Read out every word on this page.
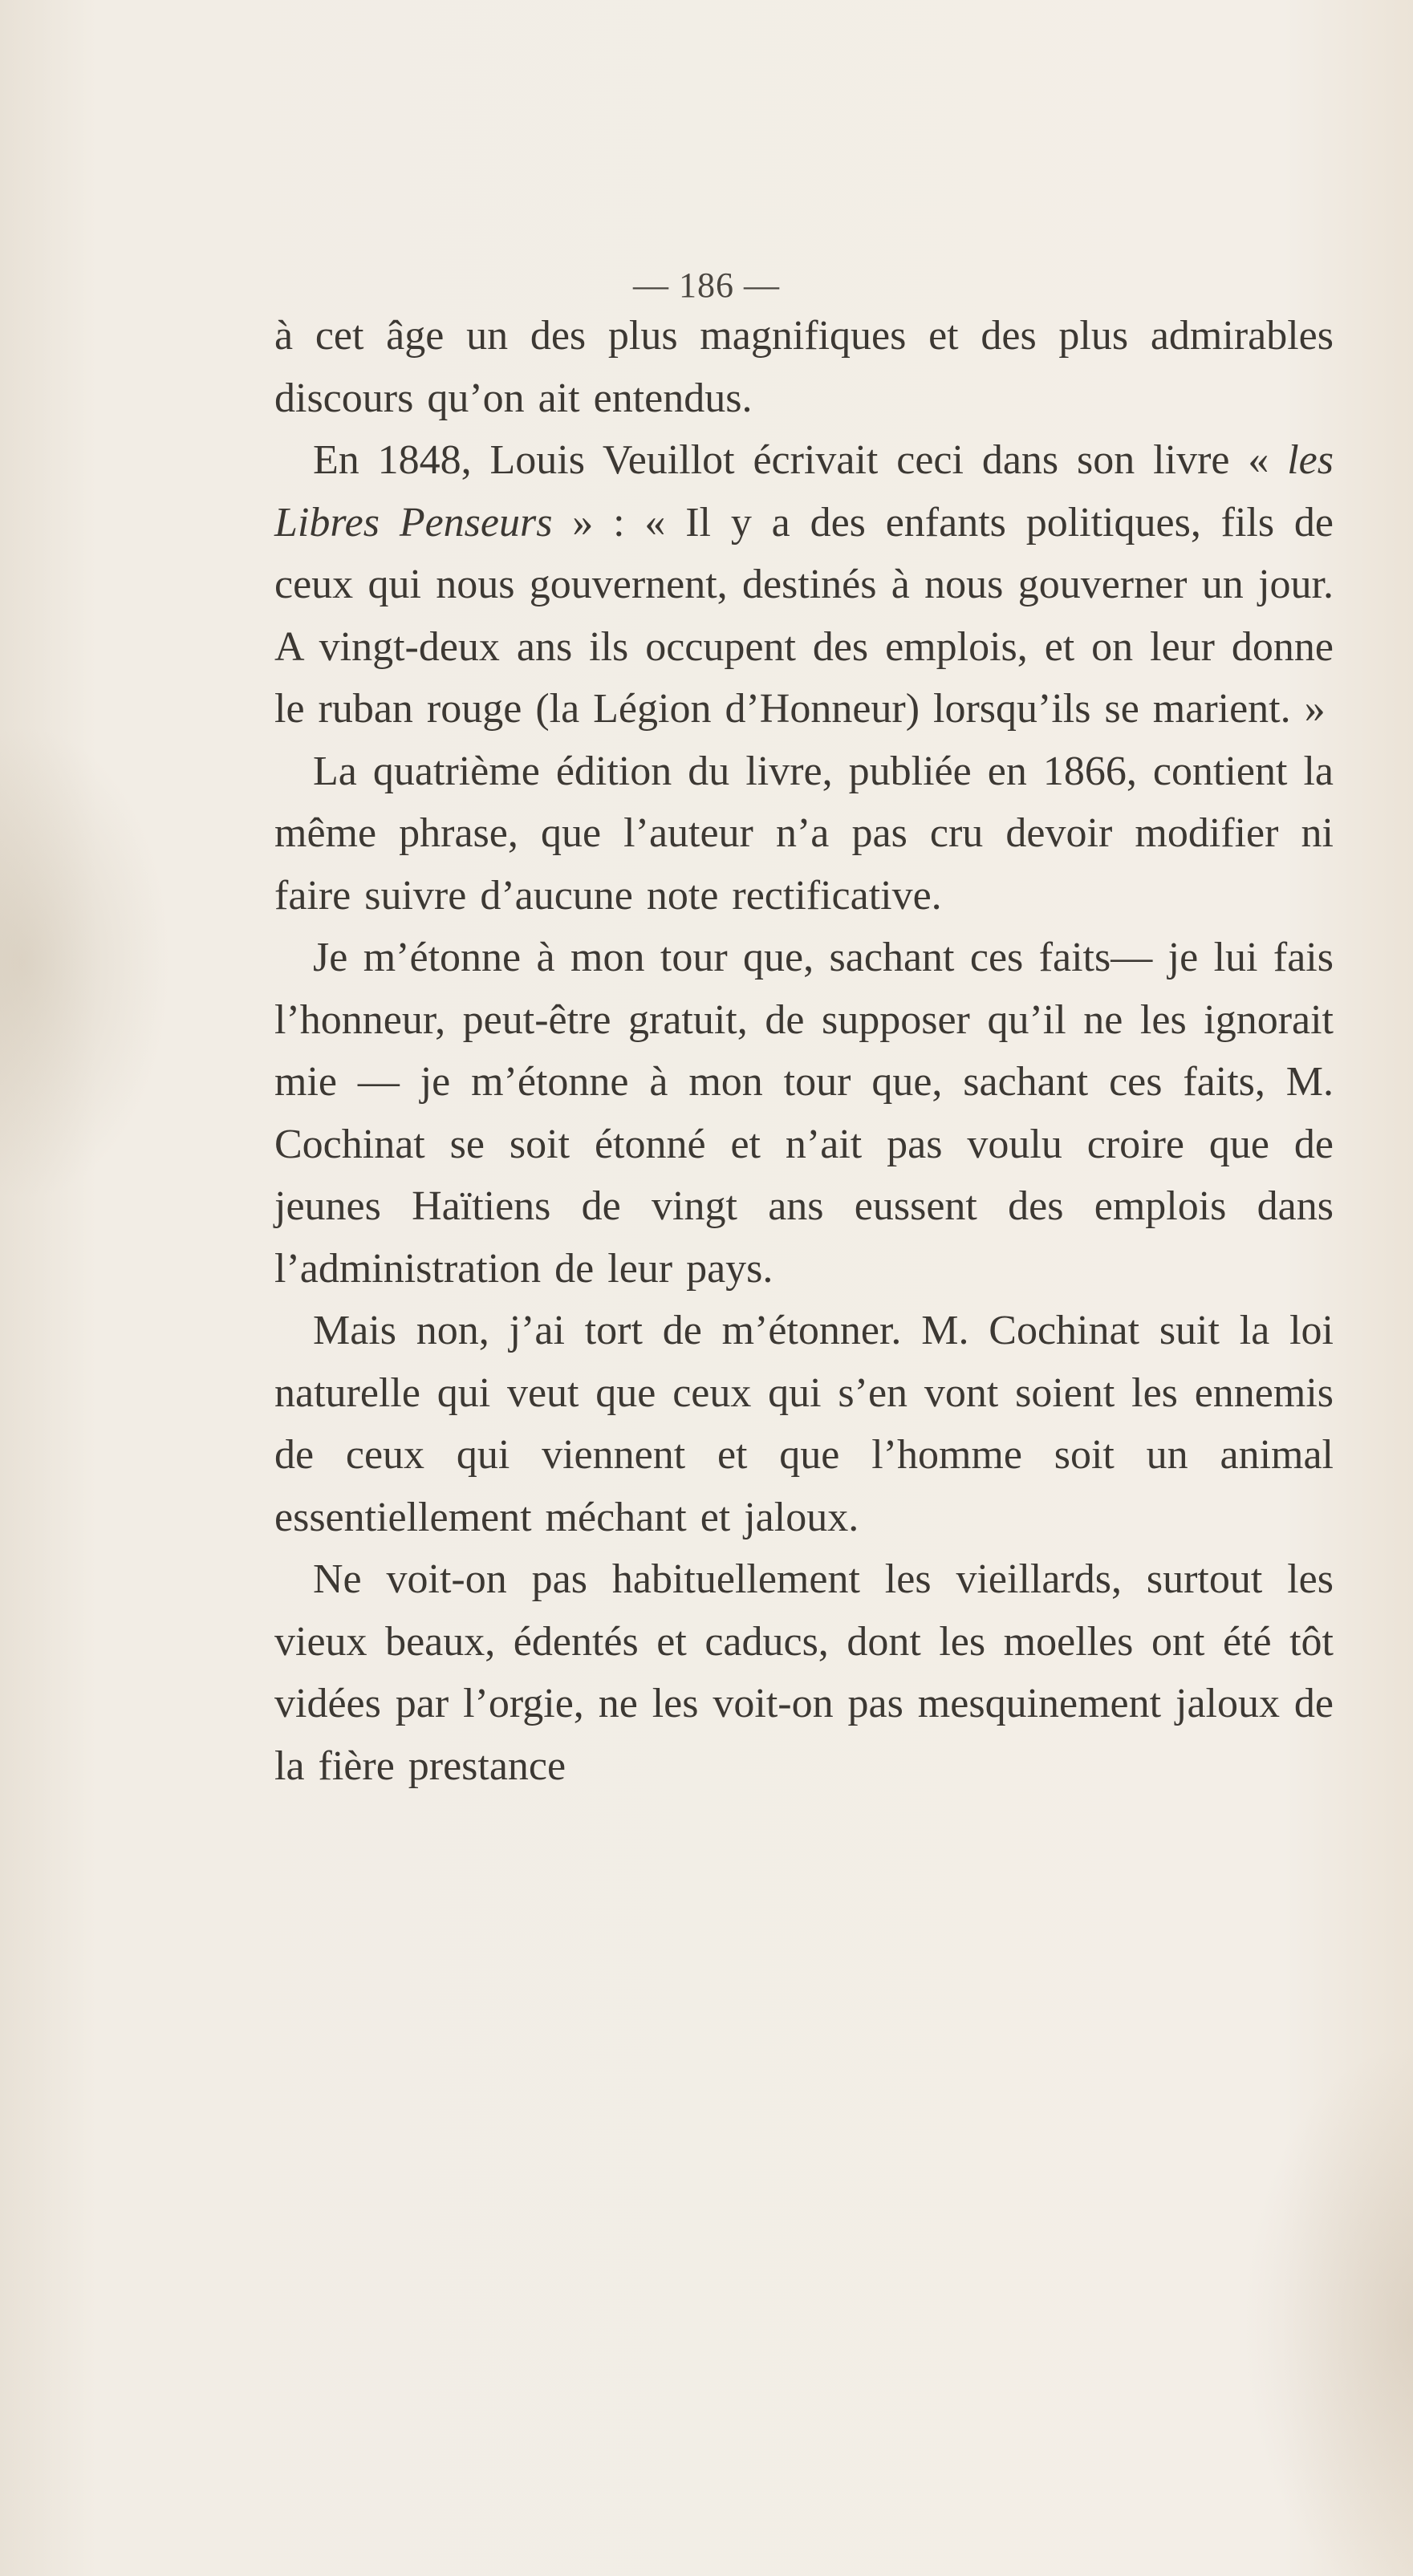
— 186 —

à cet âge un des plus magnifiques et des plus admirables discours qu’on ait entendus.

En 1848, Louis Veuillot écrivait ceci dans son livre « les Libres Penseurs » : « Il y a des enfants politiques, fils de ceux qui nous gouvernent, destinés à nous gouverner un jour. A vingt-deux ans ils occupent des emplois, et on leur donne le ruban rouge (la Légion d’Honneur) lorsqu’ils se marient. »

La quatrième édition du livre, publiée en 1866, contient la même phrase, que l’auteur n’a pas cru devoir modifier ni faire suivre d’aucune note rectificative.

Je m’étonne à mon tour que, sachant ces faits— je lui fais l’honneur, peut-être gratuit, de supposer qu’il ne les ignorait mie — je m’étonne à mon tour que, sachant ces faits, M. Cochinat se soit étonné et n’ait pas voulu croire que de jeunes Haïtiens de vingt ans eussent des emplois dans l’administration de leur pays.

Mais non, j’ai tort de m’étonner. M. Cochinat suit la loi naturelle qui veut que ceux qui s’en vont soient les ennemis de ceux qui viennent et que l’homme soit un animal essentiellement méchant et jaloux.

Ne voit-on pas habituellement les vieillards, surtout les vieux beaux, édentés et caducs, dont les moelles ont été tôt vidées par l’orgie, ne les voit-on pas mesquinement jaloux de la fière prestance
